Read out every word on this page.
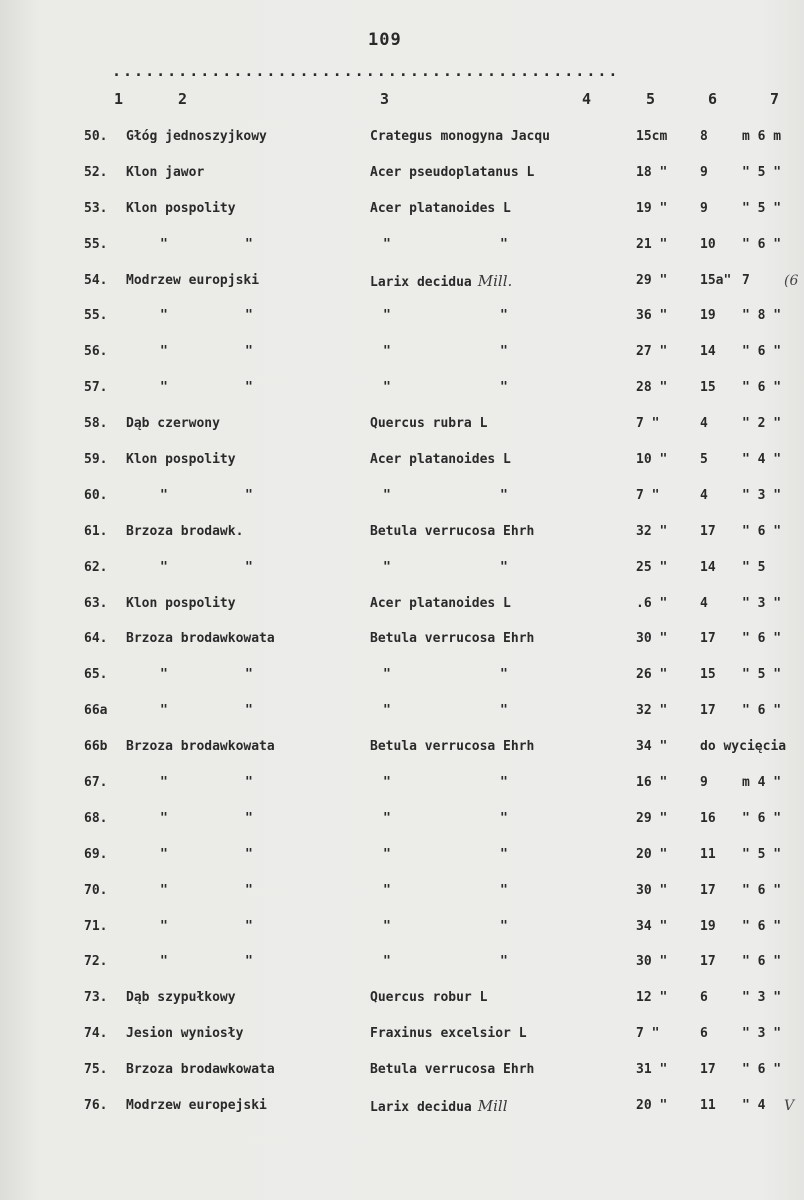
109
..............................................
1	2	3	4	5	6	7
50.	Głóg jednoszyjkowy	Crategus monogyna Jacqu	15cm	8	m 6 m
52.	Klon jawor	Acer pseudoplatanus L	18 "	9	" 5 "
53.	Klon pospolity	Acer platanoides L	19 "	9	" 5 "
55.	"	"	"	"	21 "	10	" 6 "
54.	Modrzew europjski	Larix decidua Mill.	29 "	15a" 7	(6
55.	"	"	"	"	36 "	19	" 8 "
56.	"	"	"	"	27 "	14	" 6 "
57.	"	"	"	"	28 "	15	" 6 "
58.	Dąb czerwony	Quercus rubra L	7 "	4	" 2 "
59.	Klon pospolity	Acer platanoides L	10 "	5	" 4 "
60.	"	"	"	"	7 "	4	" 3 "
61.	Brzoza brodawk.	Betula verrucosa Ehrh	32 "	17	" 6 "
62.	"	"	"	"	25 "	14	" 5
63.	Klon pospolity	Acer platanoides L	.6 "	4	" 3 "
64.	Brzoza brodawkowata	Betula verrucosa Ehrh	30 "	17	" 6 "
65.	"	"	"	"	26 "	15	" 5 "
66a	"	"	"	"	32 "	17	" 6 "
66b	Brzoza brodawkowata	Betula verrucosa Ehrh	34 "	do wycięcia
67.	"	"	"	"	16 "	9	m 4 "
68.	"	"	"	"	29 "	16	" 6 "
69.	"	"	"	"	20 "	11	" 5 "
70.	"	"	"	"	30 "	17	" 6 "
71.	"	"	"	"	34 "	19	" 6 "
72.	"	"	"	"	30 "	17	" 6 "
73.	Dąb szypułkowy	Quercus robur L	12 "	6	" 3 "
74.	Jesion wyniosły	Fraxinus excelsior L	7 "	6	" 3 "
75.	Brzoza brodawkowata	Betula verrucosa Ehrh	31 "	17	" 6 "
76.	Modrzew europejski	Larix decidua Mill	20 "	11	" 4	V
